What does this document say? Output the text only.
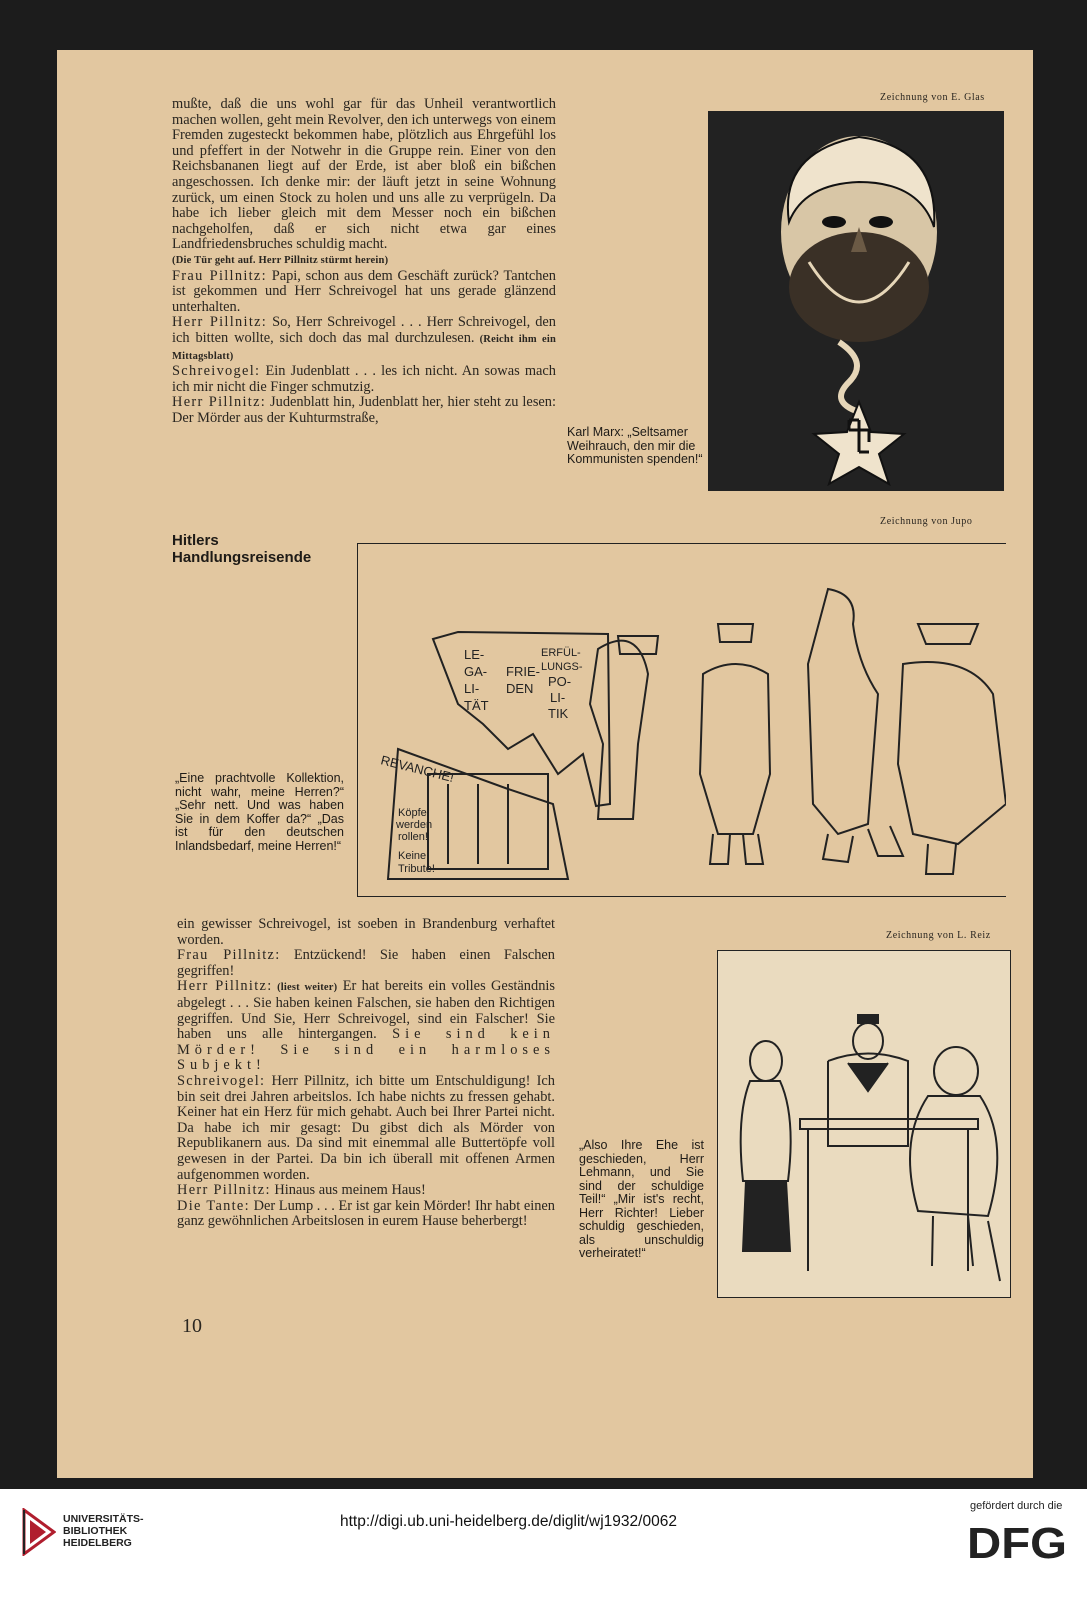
mußte, daß die uns wohl gar für das Unheil verantwortlich machen wollen, geht mein Revolver, den ich unterwegs von einem Fremden zugesteckt bekommen habe, plötzlich aus Ehrgefühl los und pfeffert in der Notwehr in die Gruppe rein. Einer von den Reichsbananen liegt auf der Erde, ist aber bloß ein bißchen angeschossen. Ich denke mir: der läuft jetzt in seine Wohnung zurück, um einen Stock zu holen und uns alle zu verprügeln. Da habe ich lieber gleich mit dem Messer noch ein bißchen nachgeholfen, daß er sich nicht etwa gar eines Landfriedensbruches schuldig macht.

(Die Tür geht auf. Herr Pillnitz stürmt herein)

Frau Pillnitz: Papi, schon aus dem Geschäft zurück? Tantchen ist gekommen und Herr Schreivogel hat uns gerade glänzend unterhalten.

Herr Pillnitz: So, Herr Schreivogel . . . Herr Schreivogel, den ich bitten wollte, sich doch das mal durchzulesen. (Reicht ihm ein Mittagsblatt)

Schreivogel: Ein Judenblatt . . . les ich nicht. An sowas mach ich mir nicht die Finger schmutzig.

Herr Pillnitz: Judenblatt hin, Judenblatt her, hier steht zu lesen: Der Mörder aus der Kuhturmstraße,

Zeichnung von E. Glas
Karl Marx: „Seltsamer Weihrauch, den mir die Kommunisten spenden!“
Hitlers Handlungsreisende
Zeichnung von Jupo
LE-
GA-
LI-
TÄT
FRIE-
DEN
ERFÜL-
LUNGS-
PO-
LI-
TIK
REVANCHE!
Köpfe
werden
rollen!
Keine
Tribute!
„Eine prachtvolle Kollektion, nicht wahr, meine Herren?“ „Sehr nett. Und was haben Sie in dem Koffer da?“ „Das ist für den deutschen Inlandsbedarf, meine Herren!“

ein gewisser Schreivogel, ist soeben in Brandenburg verhaftet worden.

Frau Pillnitz: Entzückend! Sie haben einen Falschen gegriffen!

Herr Pillnitz: (liest weiter) Er hat bereits ein volles Geständnis abgelegt . . . Sie haben keinen Falschen, sie haben den Richtigen gegriffen. Und Sie, Herr Schreivogel, sind ein Falscher! Sie haben uns alle hintergangen. Sie sind kein Mörder! Sie sind ein harmloses Subjekt!

Schreivogel: Herr Pillnitz, ich bitte um Entschuldigung! Ich bin seit drei Jahren arbeitslos. Ich habe nichts zu fressen gehabt. Keiner hat ein Herz für mich gehabt. Auch bei Ihrer Partei nicht. Da habe ich mir gesagt: Du gibst dich als Mörder von Republikanern aus. Da sind mit einemmal alle Buttertöpfe voll gewesen in der Partei. Da bin ich überall mit offenen Armen aufgenommen worden.

Herr Pillnitz: Hinaus aus meinem Haus!

Die Tante: Der Lump . . . Er ist gar kein Mörder! Ihr habt einen ganz gewöhnlichen Arbeitslosen in eurem Hause beherbergt!

Zeichnung von L. Reiz
„Also Ihre Ehe ist geschieden, Herr Lehmann, und Sie sind der schuldige Teil!“ „Mir ist's recht, Herr Richter! Lieber schuldig geschieden, als unschuldig verheiratet!“
10
UNIVERSITÄTS-
BIBLIOTHEK
HEIDELBERG
http://digi.ub.uni-heidelberg.de/diglit/wj1932/0062
gefördert durch die
DFG
